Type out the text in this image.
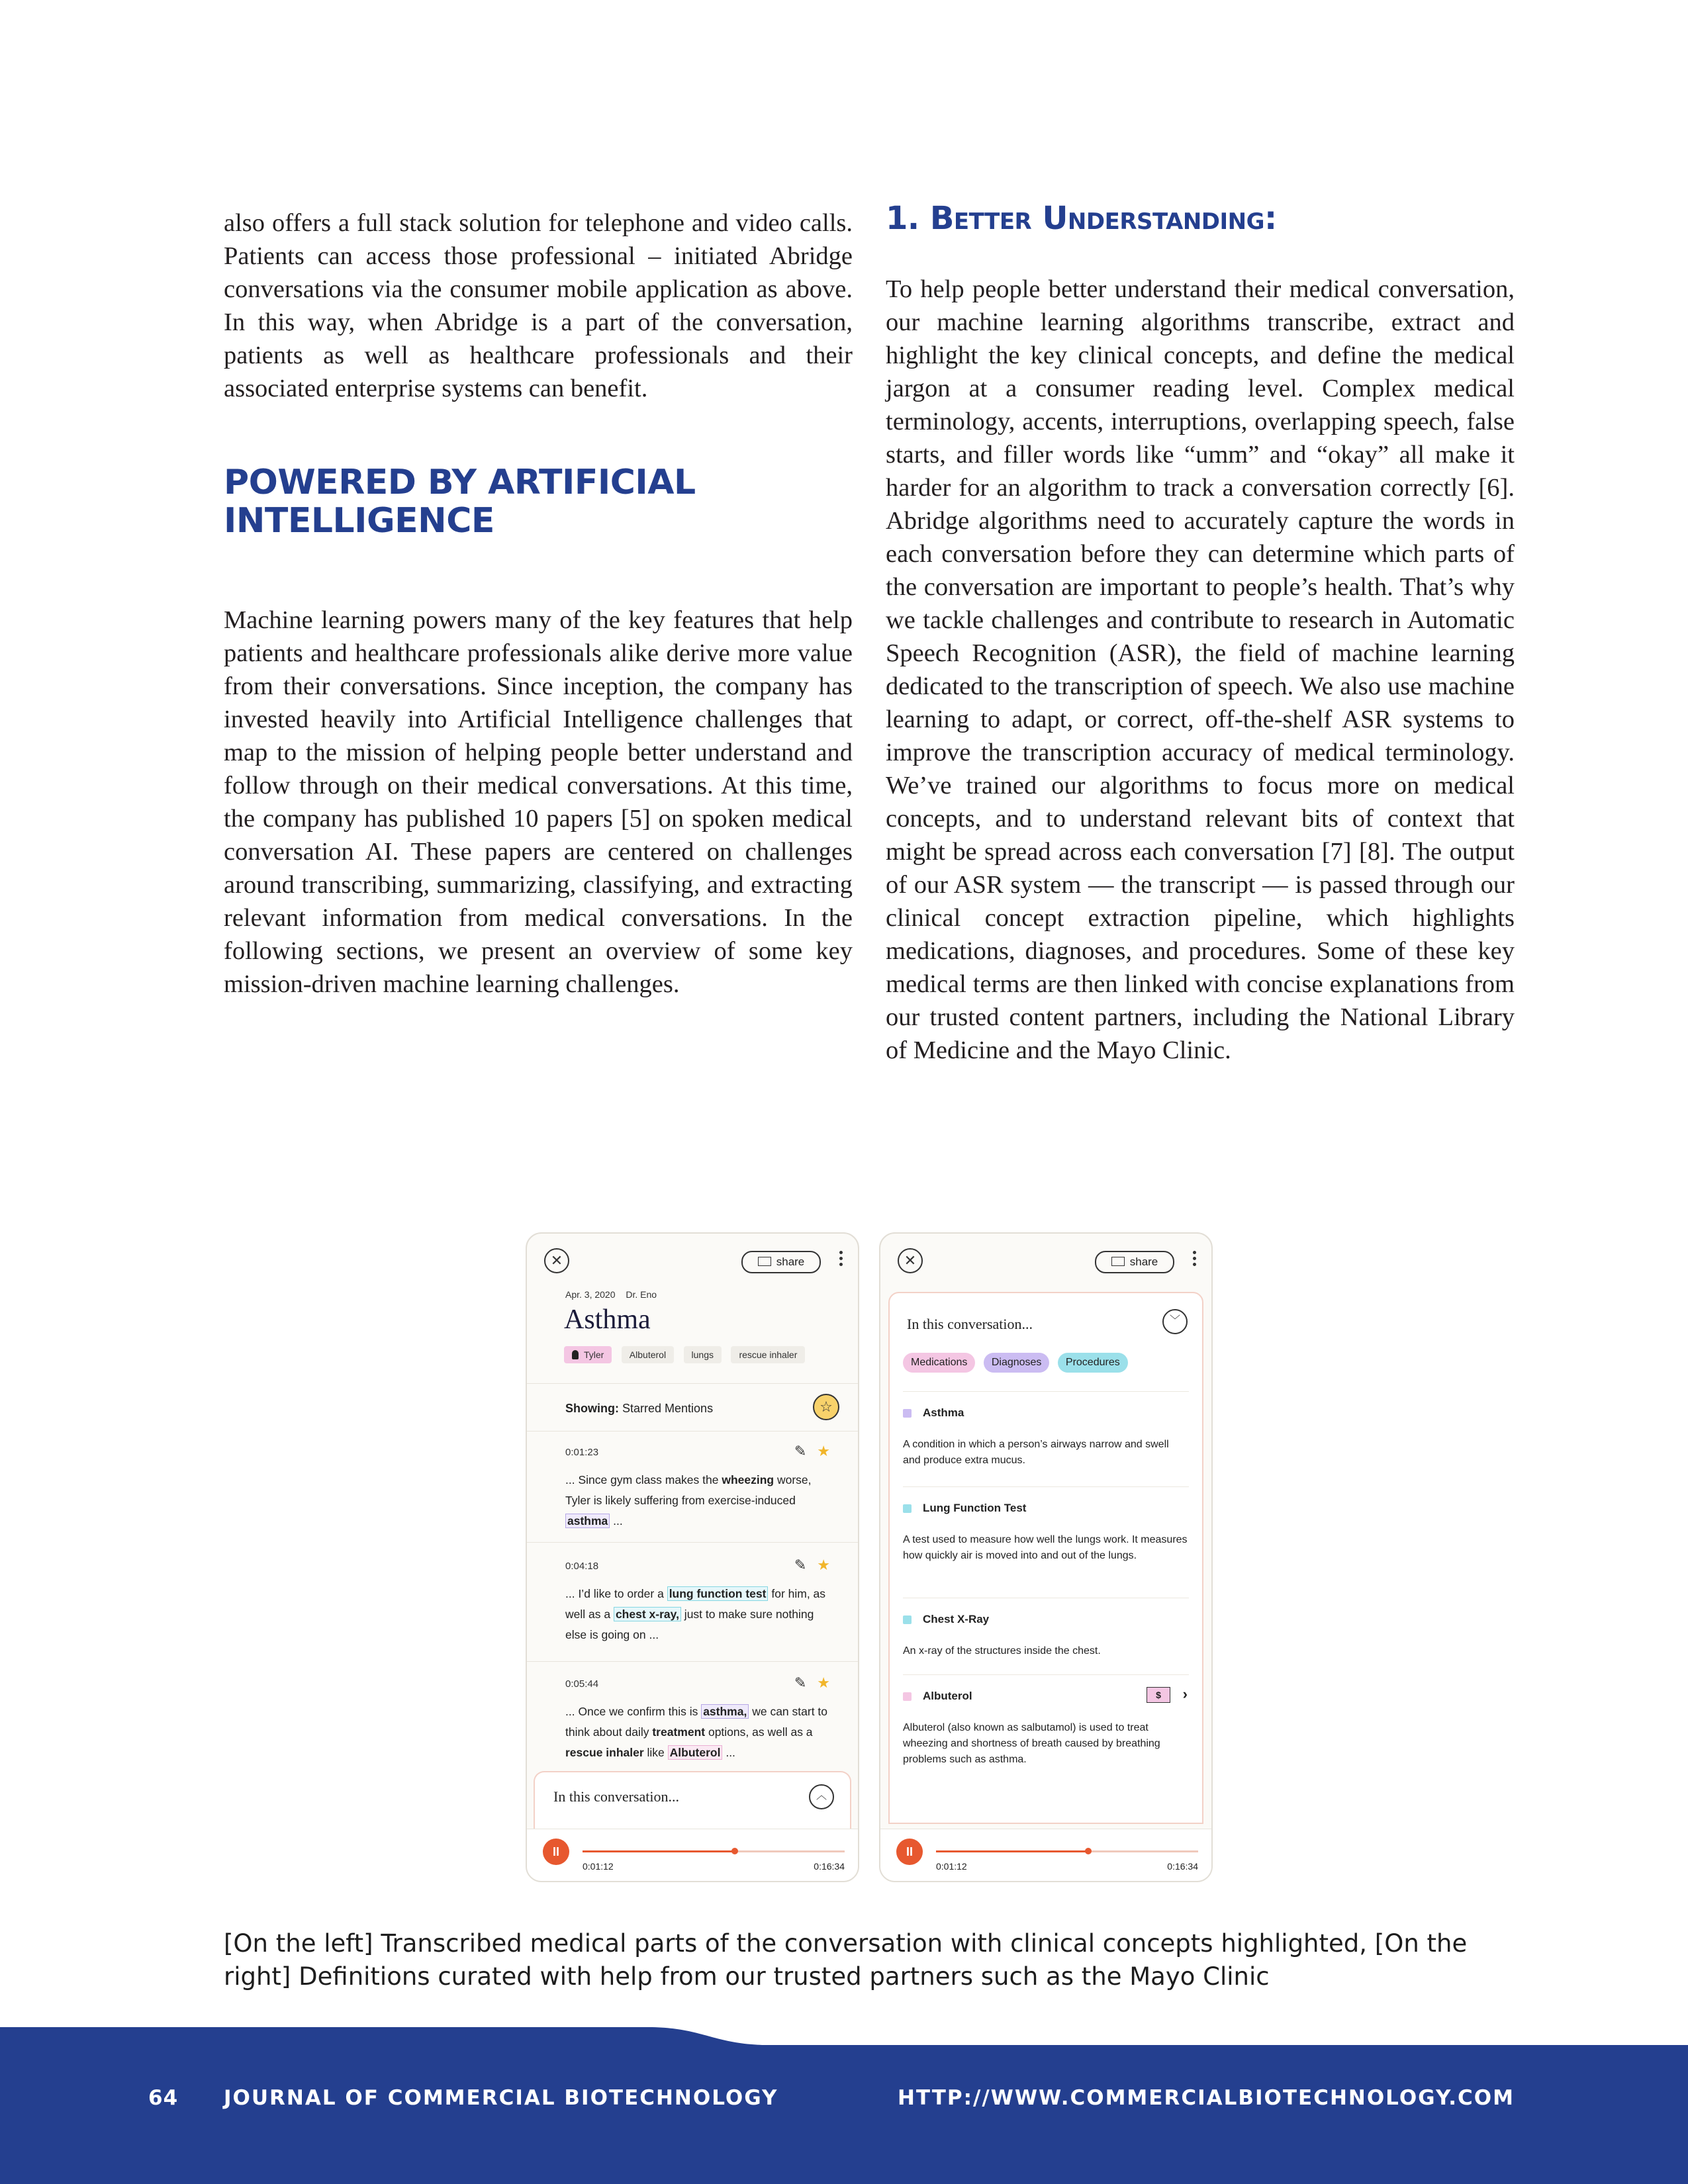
also offers a full stack solution for telephone and video calls. Patients can access those professional – initiated Abridge conversations via the consumer mobile application as above. In this way, when Abridge is a part of the conversation, patients as well as healthcare professionals and their associated enterprise systems can benefit.

Machine learning powers many of the key features that help patients and healthcare professionals alike derive more value from their conversations. Since inception, the company has invested heavily into Artificial Intelligence challenges that map to the mission of helping people better understand and follow through on their medical conversations. At this time, the company has published 10 papers [5] on spoken medical conversation AI. These papers are centered on challenges around transcribing, summarizing, classifying, and extracting relevant information from medical conversations. In the following sections, we present an overview of some key mission-driven machine learning challenges.

POWERED BY ARTIFICIAL INTELLIGENCE
1. Better Understanding:

To help people better understand their medical conversation, our machine learning algorithms transcribe, extract and highlight the key clinical concepts, and define the medical jargon at a consumer reading level. Complex medical terminology, accents, interruptions, overlapping speech, false starts, and filler words like “umm” and “okay” all make it harder for an algorithm to track a conversation correctly [6]. Abridge algorithms need to accurately capture the words in each conversation before they can determine which parts of the conversation are important to people’s health. That’s why we tackle challenges and contribute to research in Automatic Speech Recognition (ASR), the field of machine learning dedicated to the transcription of speech. We also use machine learning to adapt, or correct, off-the-shelf ASR systems to improve the transcription accuracy of medical terminology. We’ve trained our algorithms to focus more on medical concepts, and to understand relevant bits of context that might be spread across each conversation [7] [8]. The output of our ASR system — the transcript — is passed through our clinical concept extraction pipeline, which highlights medications, diagnoses, and procedures. Some of these key medical terms are then linked with concise explanations from our trusted content partners, including the National Library of Medicine and the Mayo Clinic.

✕	share
Apr. 3, 2020 Dr. Eno
Asthma
Tyler	Albuterol	lungs	rescue inhaler
Showing: Starred Mentions	☆
0:01:23	✎ ★
... Since gym class makes the wheezing worse, Tyler is likely suffering from exercise-induced asthma ...
0:04:18	✎ ★
... I’d like to order a lung function test for him, as well as a chest x-ray, just to make sure nothing else is going on ...
0:05:44	✎ ★
... Once we confirm this is asthma, we can start to think about daily treatment options, as well as a rescue inhaler like Albuterol ...
In this conversation...	︿
II
0:01:12	0:16:34
✕	share
In this conversation...	﹀
Medications Diagnoses Procedures
Asthma
A condition in which a person’s airways narrow and swell and produce extra mucus.
Lung Function Test
A test used to measure how well the lungs work. It measures how quickly air is moved into and out of the lungs.
Chest X-Ray
An x-ray of the structures inside the chest.
Albuterol	$	›
Albuterol (also known as salbutamol) is used to treat wheezing and shortness of breath caused by breathing problems such as asthma.
II
0:01:12	0:16:34

[On the left] Transcribed medical parts of the conversation with clinical concepts highlighted, [On the right] Definitions curated with help from our trusted partners such as the Mayo Clinic

64 JOURNAL OF COMMERCIAL BIOTECHNOLOGY	HTTP://WWW.COMMERCIALBIOTECHNOLOGY.COM
